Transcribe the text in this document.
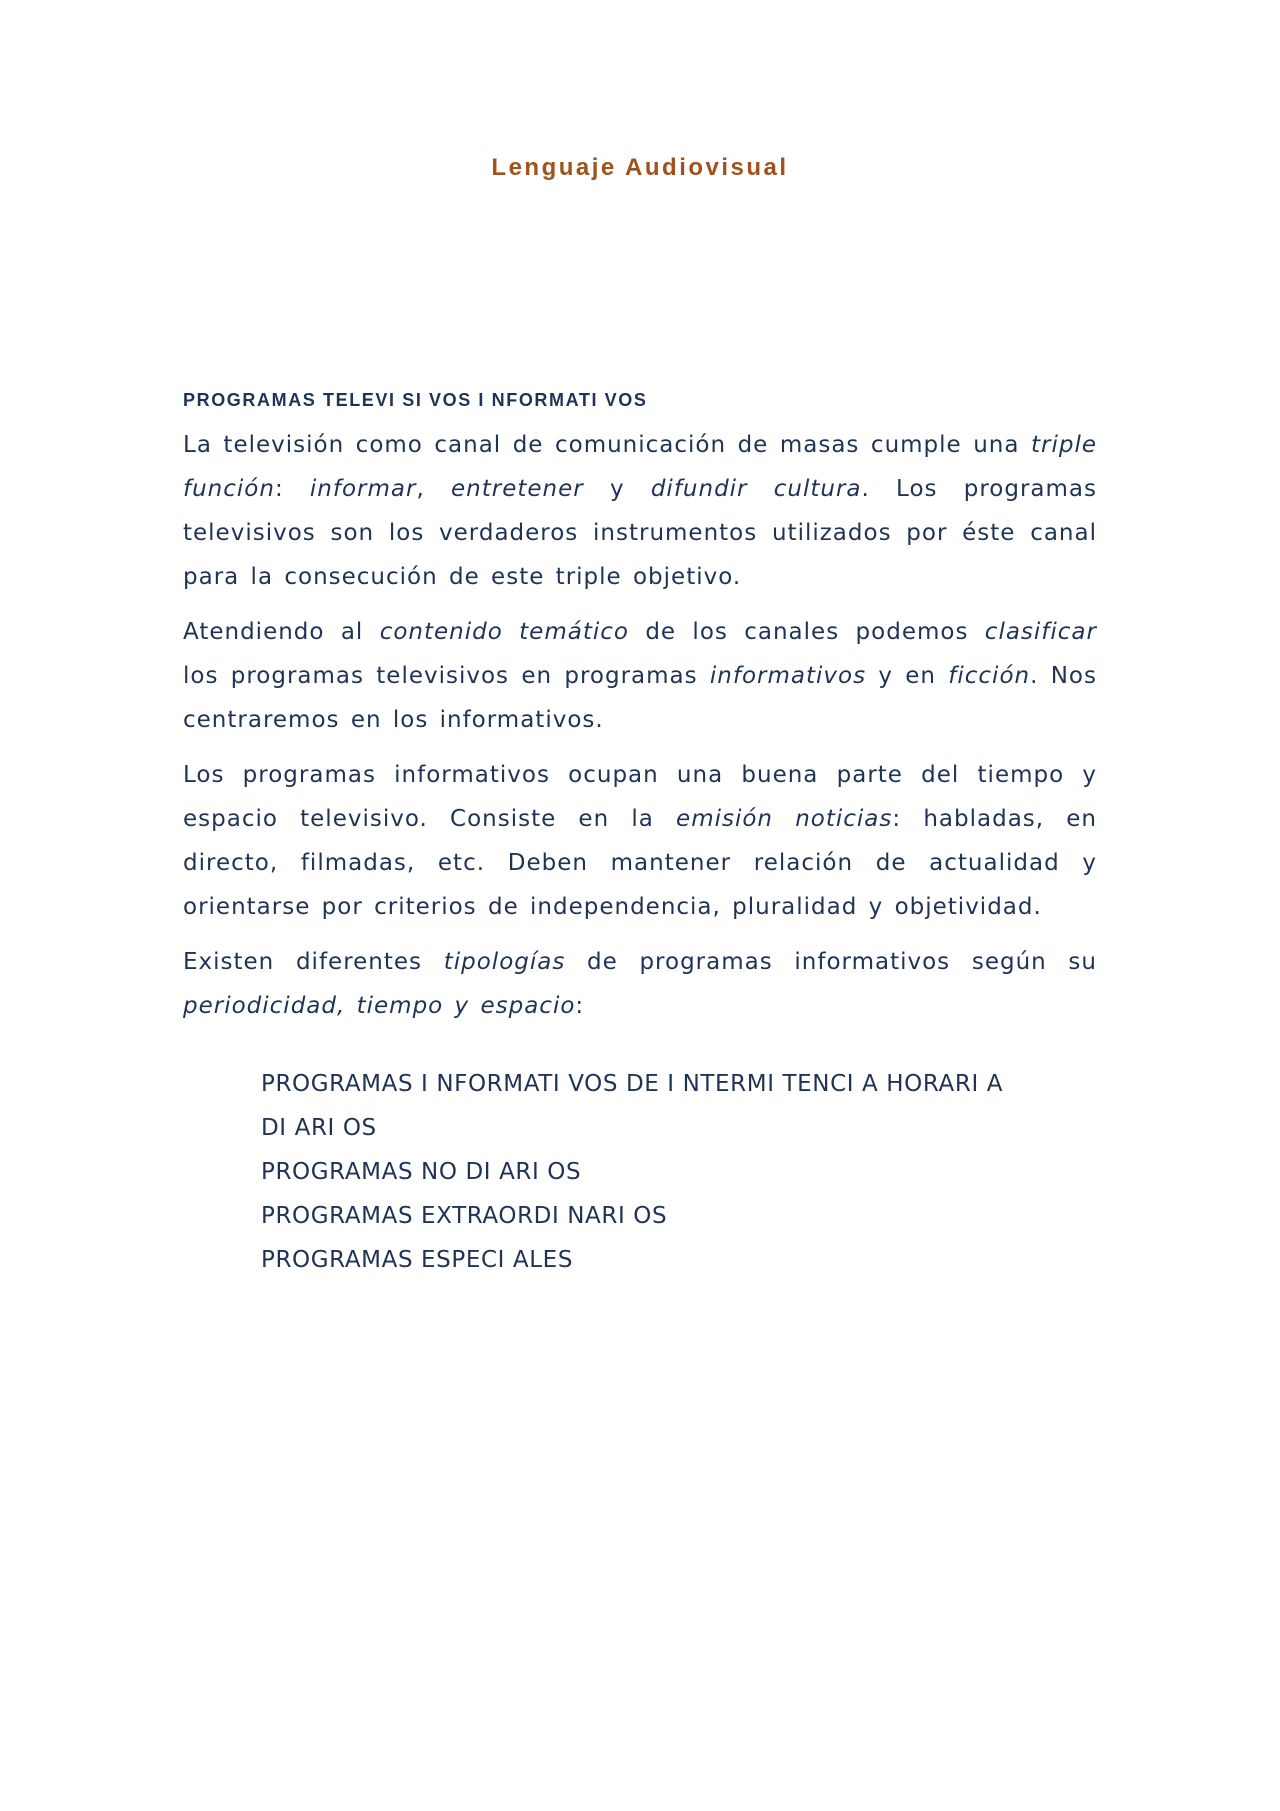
Lenguaje Audiovisual
PROGRAMAS TELEVI SI VOS I NFORMATI VOS

La televisión como canal de comunicación de masas cumple una triple función: informar, entretener y difundir cultura. Los programas televisivos son los verdaderos instrumentos utilizados por éste canal para la consecución de este triple objetivo.

Atendiendo al contenido temático de los canales podemos clasificar los programas televisivos en programas informativos y en ficción. Nos centraremos en los informativos.

Los programas informativos ocupan una buena parte del tiempo y espacio televisivo. Consiste en la emisión noticias: habladas, en directo, filmadas, etc. Deben mantener relación de actualidad y orientarse por criterios de independencia, pluralidad y objetividad.

Existen diferentes tipologías de programas informativos según su periodicidad, tiempo y espacio:

PROGRAMAS I NFORMATI VOS DE I NTERMI TENCI A HORARI A
DI ARI OS
PROGRAMAS NO DI ARI OS
PROGRAMAS EXTRAORDI NARI OS
PROGRAMAS ESPECI ALES
